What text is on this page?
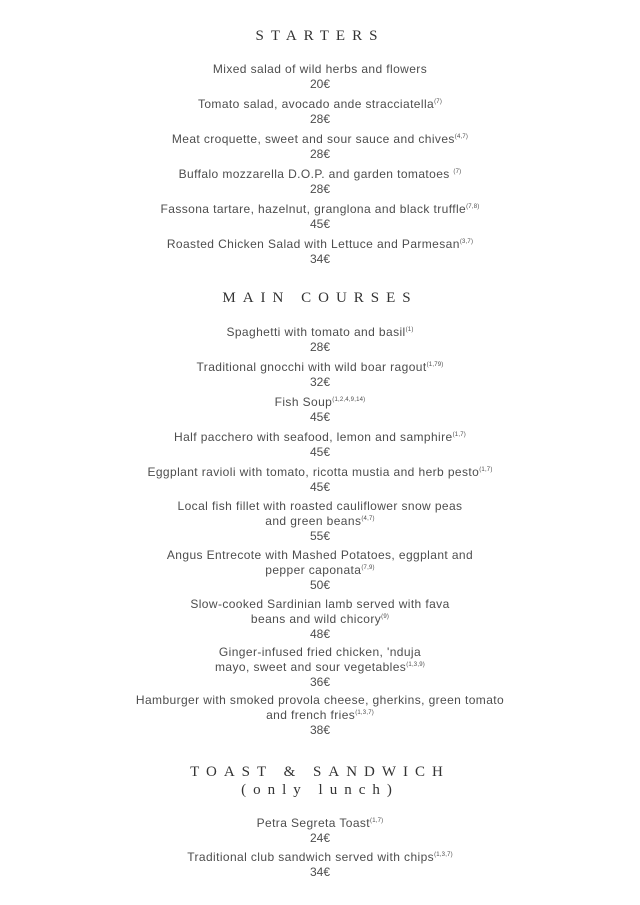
STARTERS
Mixed salad of wild herbs and flowers
20€
Tomato salad, avocado ande stracciatella$^{(7)}$
28€
Meat croquette, sweet and sour sauce and chives$^{(4,7)}$
28€
Buffalo mozzarella D.O.P. and garden tomatoes $^{(7)}$
28€
Fassona tartare, hazelnut, granglona and black truffle$^{(7,8)}$
45€
Roasted Chicken Salad with Lettuce and Parmesan$^{(3,7)}$
34€
MAIN COURSES
Spaghetti with tomato and basil$^{(1)}$
28€
Traditional gnocchi with wild boar ragout$^{(1,79)}$
32€
Fish Soup$^{(1,2,4,9,14)}$
45€
Half pacchero with seafood, lemon and samphire$^{(1,7)}$
45€
Eggplant ravioli with tomato, ricotta mustia and herb pesto$^{(1,7)}$
45€
Local fish fillet with roasted cauliflower snow peas and green beans$^{(4,7)}$
55€
Angus Entrecote with Mashed Potatoes, eggplant and pepper caponata$^{(7,9)}$
50€
Slow-cooked Sardinian lamb served with fava beans and wild chicory$^{(9)}$
48€
Ginger-infused fried chicken, 'nduja mayo, sweet and sour vegetables$^{(1,3,9)}$
36€
Hamburger with smoked provola cheese, gherkins, green tomato and french fries$^{(1,3,7)}$
38€
TOAST & SANDWICH
(only lunch)
Petra Segreta Toast$^{(1,7)}$
24€
Traditional club sandwich served with chips$^{(1,3,7)}$
34€
